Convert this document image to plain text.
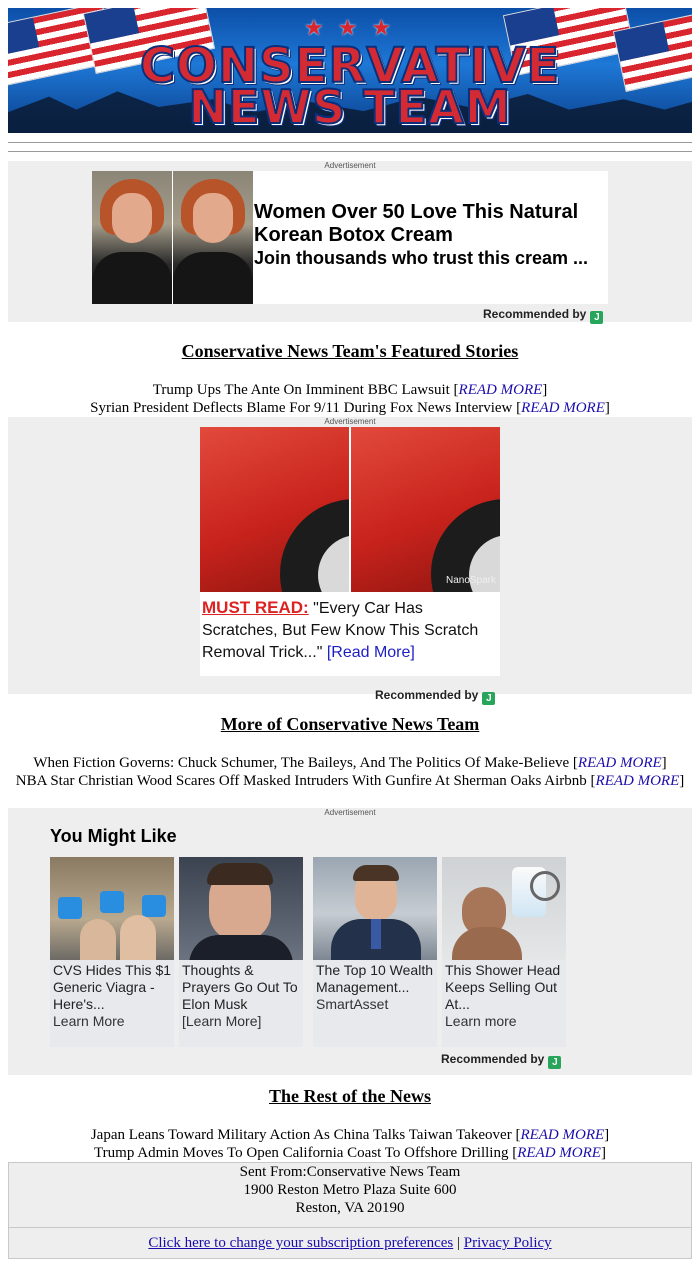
★★★
CONSERVATIVE
NEWS TEAM
Advertisement
Women Over 50 Love This Natural Korean Botox Cream
Join thousands who trust this cream ...
Recommended by J
Conservative News Team's Featured Stories
Trump Ups The Ante On Imminent BBC Lawsuit [READ MORE]
Syrian President Deflects Blame For 9/11 During Fox News Interview [READ MORE]
Advertisement
NanoSpark
MUST READ: "Every Car Has Scratches, But Few Know This Scratch Removal Trick..." [Read More]
Recommended by J
More of Conservative News Team
When Fiction Governs: Chuck Schumer, The Baileys, And The Politics Of Make-Believe [READ MORE]
NBA Star Christian Wood Scares Off Masked Intruders With Gunfire At Sherman Oaks Airbnb [READ MORE]
Advertisement
You Might Like
CVS Hides This $1 Generic Viagra - Here's...
Learn More
Thoughts & Prayers Go Out To Elon Musk
[Learn More]
The Top 10 Wealth Management...
SmartAsset
This Shower Head Keeps Selling Out At...
Learn more
Recommended by J
The Rest of the News
Japan Leans Toward Military Action As China Talks Taiwan Takeover [READ MORE]
Trump Admin Moves To Open California Coast To Offshore Drilling [READ MORE]
Sent From:Conservative News Team
1900 Reston Metro Plaza Suite 600
Reston, VA 20190
Click here to change your subscription preferences | Privacy Policy
